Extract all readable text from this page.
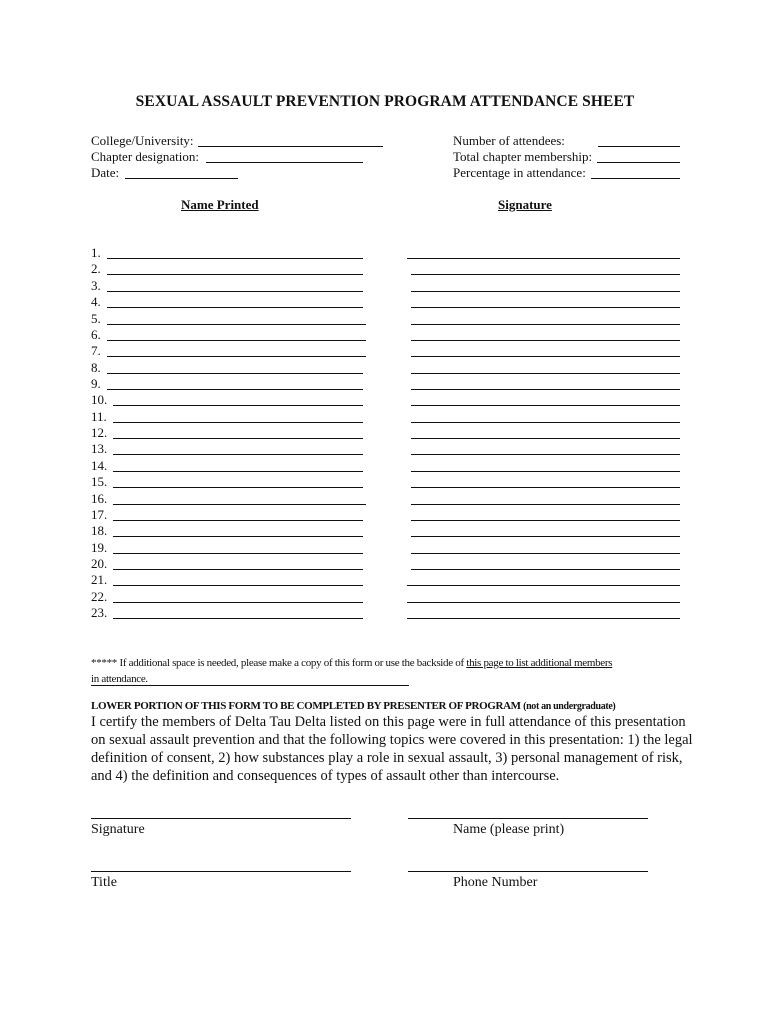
SEXUAL ASSAULT PREVENTION PROGRAM ATTENDANCE SHEET
College/University:
Chapter designation:
Date:
Number of attendees:
Total chapter membership:
Percentage in attendance:
Name Printed	Signature
1.
2.
3.
4.
5.
6.
7.
8.
9.
10.
11.
12.
13.
14.
15.
16.
17.
18.
19.
20.
21.
22.
23.
***** If additional space is needed, please make a copy of this form or use the backside of this page to list additional members
in attendance.
LOWER PORTION OF THIS FORM TO BE COMPLETED BY PRESENTER OF PROGRAM (not an undergraduate)

I certify the members of Delta Tau Delta listed on this page were in full attendance of this presentation

on sexual assault prevention and that the following topics were covered in this presentation: 1) the legal

definition of consent, 2) how substances play a role in sexual assault, 3) personal management of risk,

and 4) the definition and consequences of types of assault other than intercourse.

Signature	Name (please print)
Title	Phone Number
